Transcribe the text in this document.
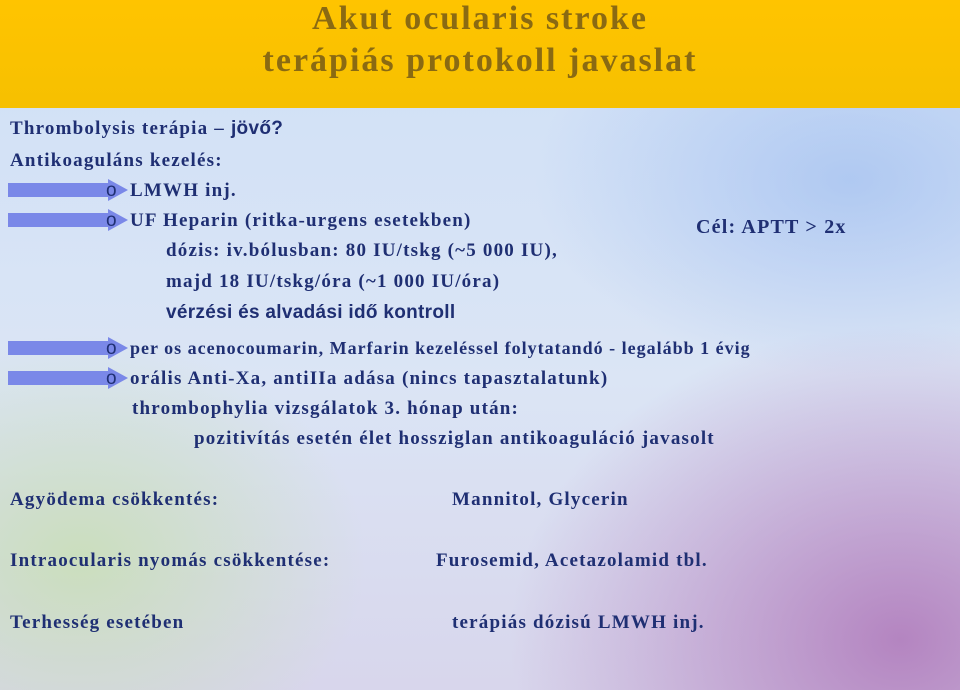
Akut ocularis stroke
terápiás protokoll javaslat
Thrombolysis terápia – jövő?
Antikoaguláns kezelés:
o
o
o
o
LMWH inj.
UF Heparin (ritka-urgens esetekben)	Cél: APTT > 2x
dózis: iv.bólusban: 80 IU/tskg (~5 000 IU),
majd 18 IU/tskg/óra (~1 000 IU/óra)
vérzési és alvadási idő kontroll
per os acenocoumarin, Marfarin kezeléssel folytatandó - legalább 1 évig
orális Anti-Xa, antiIIa adása (nincs tapasztalatunk)
thrombophylia vizsgálatok 3. hónap után:
pozitivítás esetén élet hossziglan antikoaguláció javasolt
Agyödema csökkentés:	Mannitol, Glycerin
Intraocularis nyomás csökkentése:	Furosemid, Acetazolamid tbl.
Terhesség esetében	terápiás dózisú LMWH inj.
